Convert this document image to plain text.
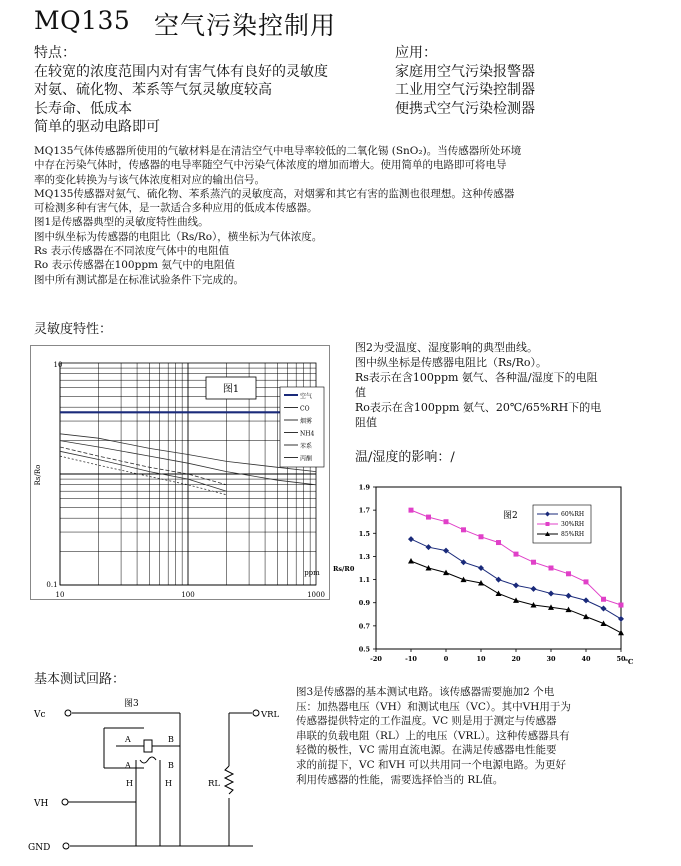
MQ135 空气污染控制用
特点：
在较宽的浓度范围内对有害气体有良好的灵敏度
对氨、硫化物、苯系等气氛灵敏度较高
长寿命、低成本
简单的驱动电路即可
应用：
家庭用空气污染报警器
工业用空气污染控制器
便携式空气污染检测器
MQ135气体传感器所使用的气敏材料是在清洁空气中电导率较低的二氧化锡 (SnO₂)。当传感器所处环境
中存在污染气体时，传感器的电导率随空气中污染气体浓度的增加而增大。使用简单的电路即可将电导
率的变化转换为与该气体浓度相对应的输出信号。
MQ135传感器对氨气、硫化物、苯系蒸汽的灵敏度高，对烟雾和其它有害的监测也很理想。这种传感器
可检测多种有害气体，是一款适合多种应用的低成本传感器。
图1是传感器典型的灵敏度特性曲线。
图中纵坐标为传感器的电阻比（Rs/Ro），横坐标为气体浓度。
Rs 表示传感器在不同浓度气体中的电阻值
Ro 表示传感器在100ppm 氨气中的电阻值
图中所有测试都是在标准试验条件下完成的。
灵敏度特性：
图1
空气
CO
烟雾
NH4
苯系
丙酮
10
0.1
10	100	1000
ppm
Rs/Ro
图2为受温度、湿度影响的典型曲线。
图中纵坐标是传感器电阻比（Rs/Ro）。
Rs表示在含100ppm 氨气、各种温/湿度下的电阻
值
Ro表示在含100ppm 氨气、20℃/65%RH下的电
阻值
温/湿度的影响：/
0.5
0.7
0.9
1.1
1.3
1.5
1.7
1.9
-20	-10	0	10	20	30	40	50
图2	60%RH
30%RH
85%RH
Rs/R0
℃
基本测试回路：
图3
Vc	VRL
VH
GND
RL
A
A
B
B
H	H
图3是传感器的基本测试电路。该传感器需要施加2 个电
压：加热器电压（VH）和测试电压（VC）。其中VH用于为
传感器提供特定的工作温度。VC 则是用于测定与传感器
串联的负载电阻（RL）上的电压（VRL）。这种传感器具有
轻微的极性，VC 需用直流电源。在满足传感器电性能要
求的前提下，VC 和VH 可以共用同一个电源电路。为更好
利用传感器的性能，需要选择恰当的 RL值。
